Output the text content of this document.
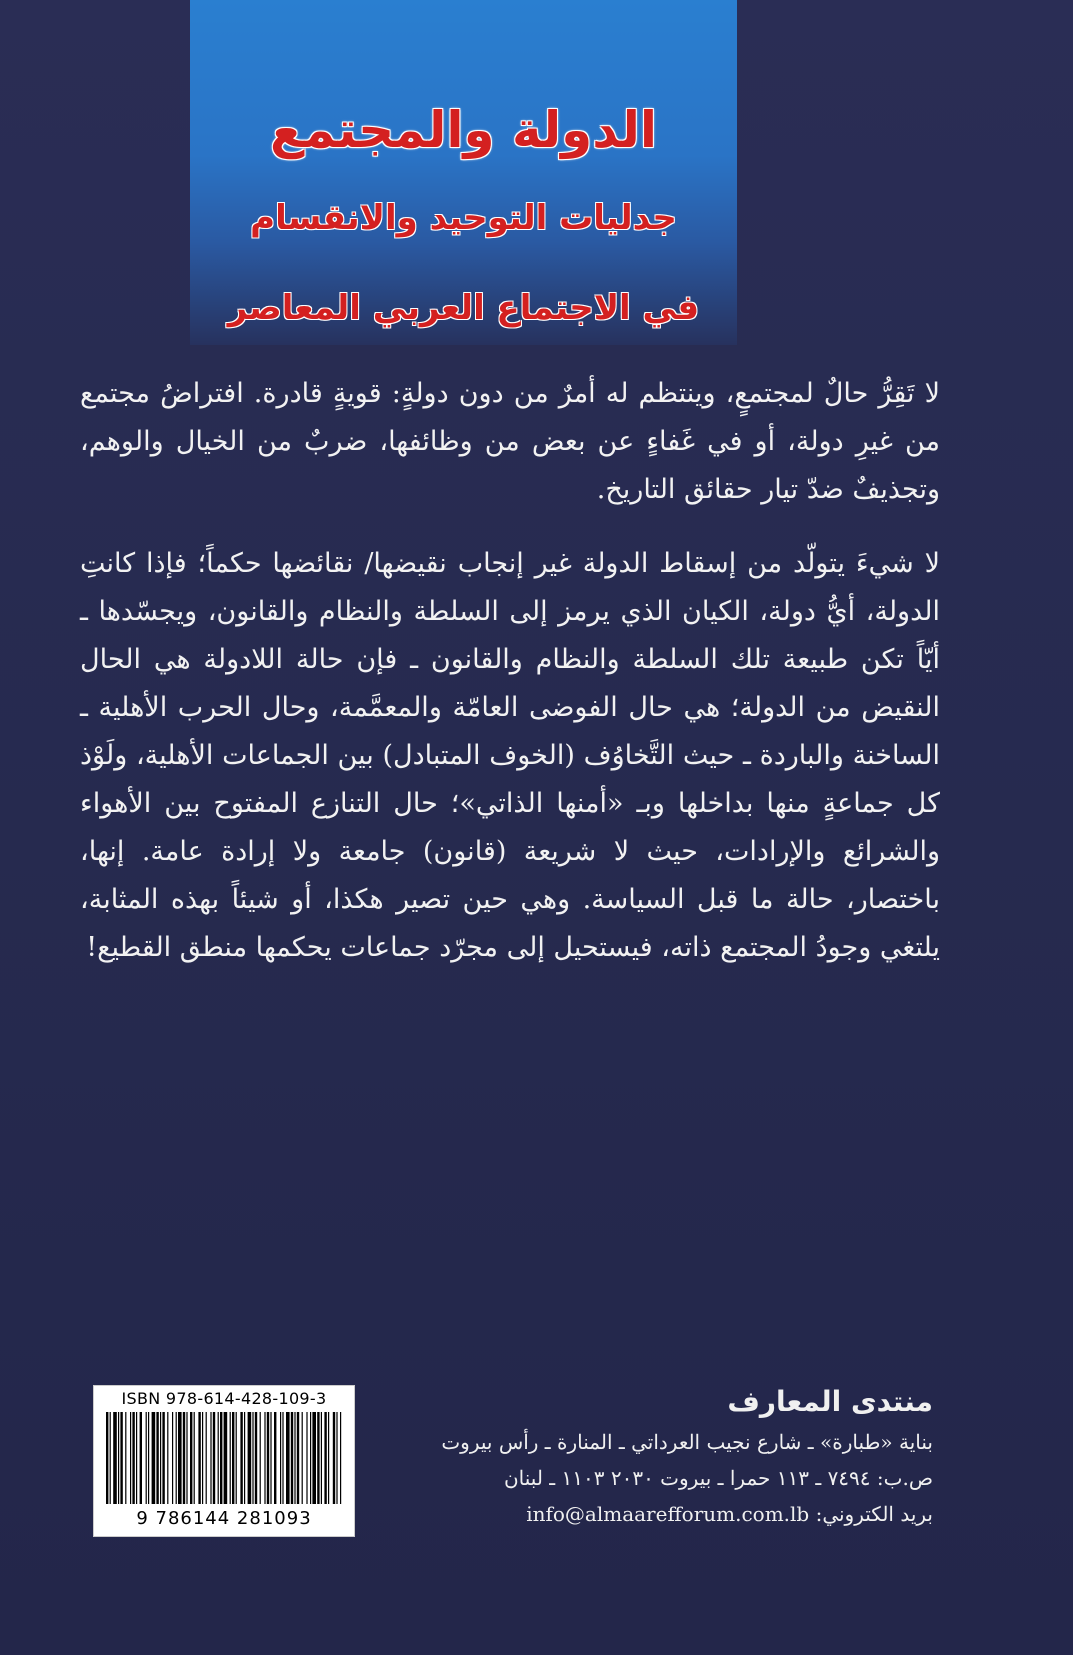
الدولة والمجتمع
جدليات التوحيد والانقسام
في الاجتماع العربي المعاصر

لا تَقِرُّ حالٌ لمجتمعٍ، وينتظم له أمرٌ من دون دولةٍ: قويةٍ قادرة. افتراضُ مجتمع من غيرِ دولة، أو في غَفاءٍ عن بعض من وظائفها، ضربٌ من الخيال والوهم، وتجذيفٌ ضدّ تيار حقائق التاريخ.

لا شيءَ يتولّد من إسقاط الدولة غير إنجاب نقيضها/ نقائضها حكماً؛ فإذا كانتِ الدولة، أيُّ دولة، الكيان الذي يرمز إلى السلطة والنظام والقانون، ويجسّدها ـ أيّاً تكن طبيعة تلك السلطة والنظام والقانون ـ فإن حالة اللادولة هي الحال النقيض من الدولة؛ هي حال الفوضى العامّة والمعمَّمة، وحال الحرب الأهلية ـ الساخنة والباردة ـ حيث التَّخاوُف (الخوف المتبادل) بين الجماعات الأهلية، ولَوْذ كل جماعةٍ منها بداخلها وبـ «أمنها الذاتي»؛ حال التنازع المفتوح بين الأهواء والشرائع والإرادات، حيث لا شريعة (قانون) جامعة ولا إرادة عامة. إنها، باختصار، حالة ما قبل السياسة. وهي حين تصير هكذا، أو شيئاً بهذه المثابة، يلتغي وجودُ المجتمع ذاته، فيستحيل إلى مجرّد جماعات يحكمها منطق القطيع!

منتدى المعارف
بناية «طبارة» ـ شارع نجيب العرداتي ـ المنارة ـ رأس بيروت
ص.ب: ٧٤٩٤ ـ ١١٣ حمرا ـ بيروت ٢٠٣٠ ١١٠٣ ـ لبنان
بريد الكتروني: info@almaarefforum.com.lb
ISBN 978-614-428-109-3
9 786144 281093
